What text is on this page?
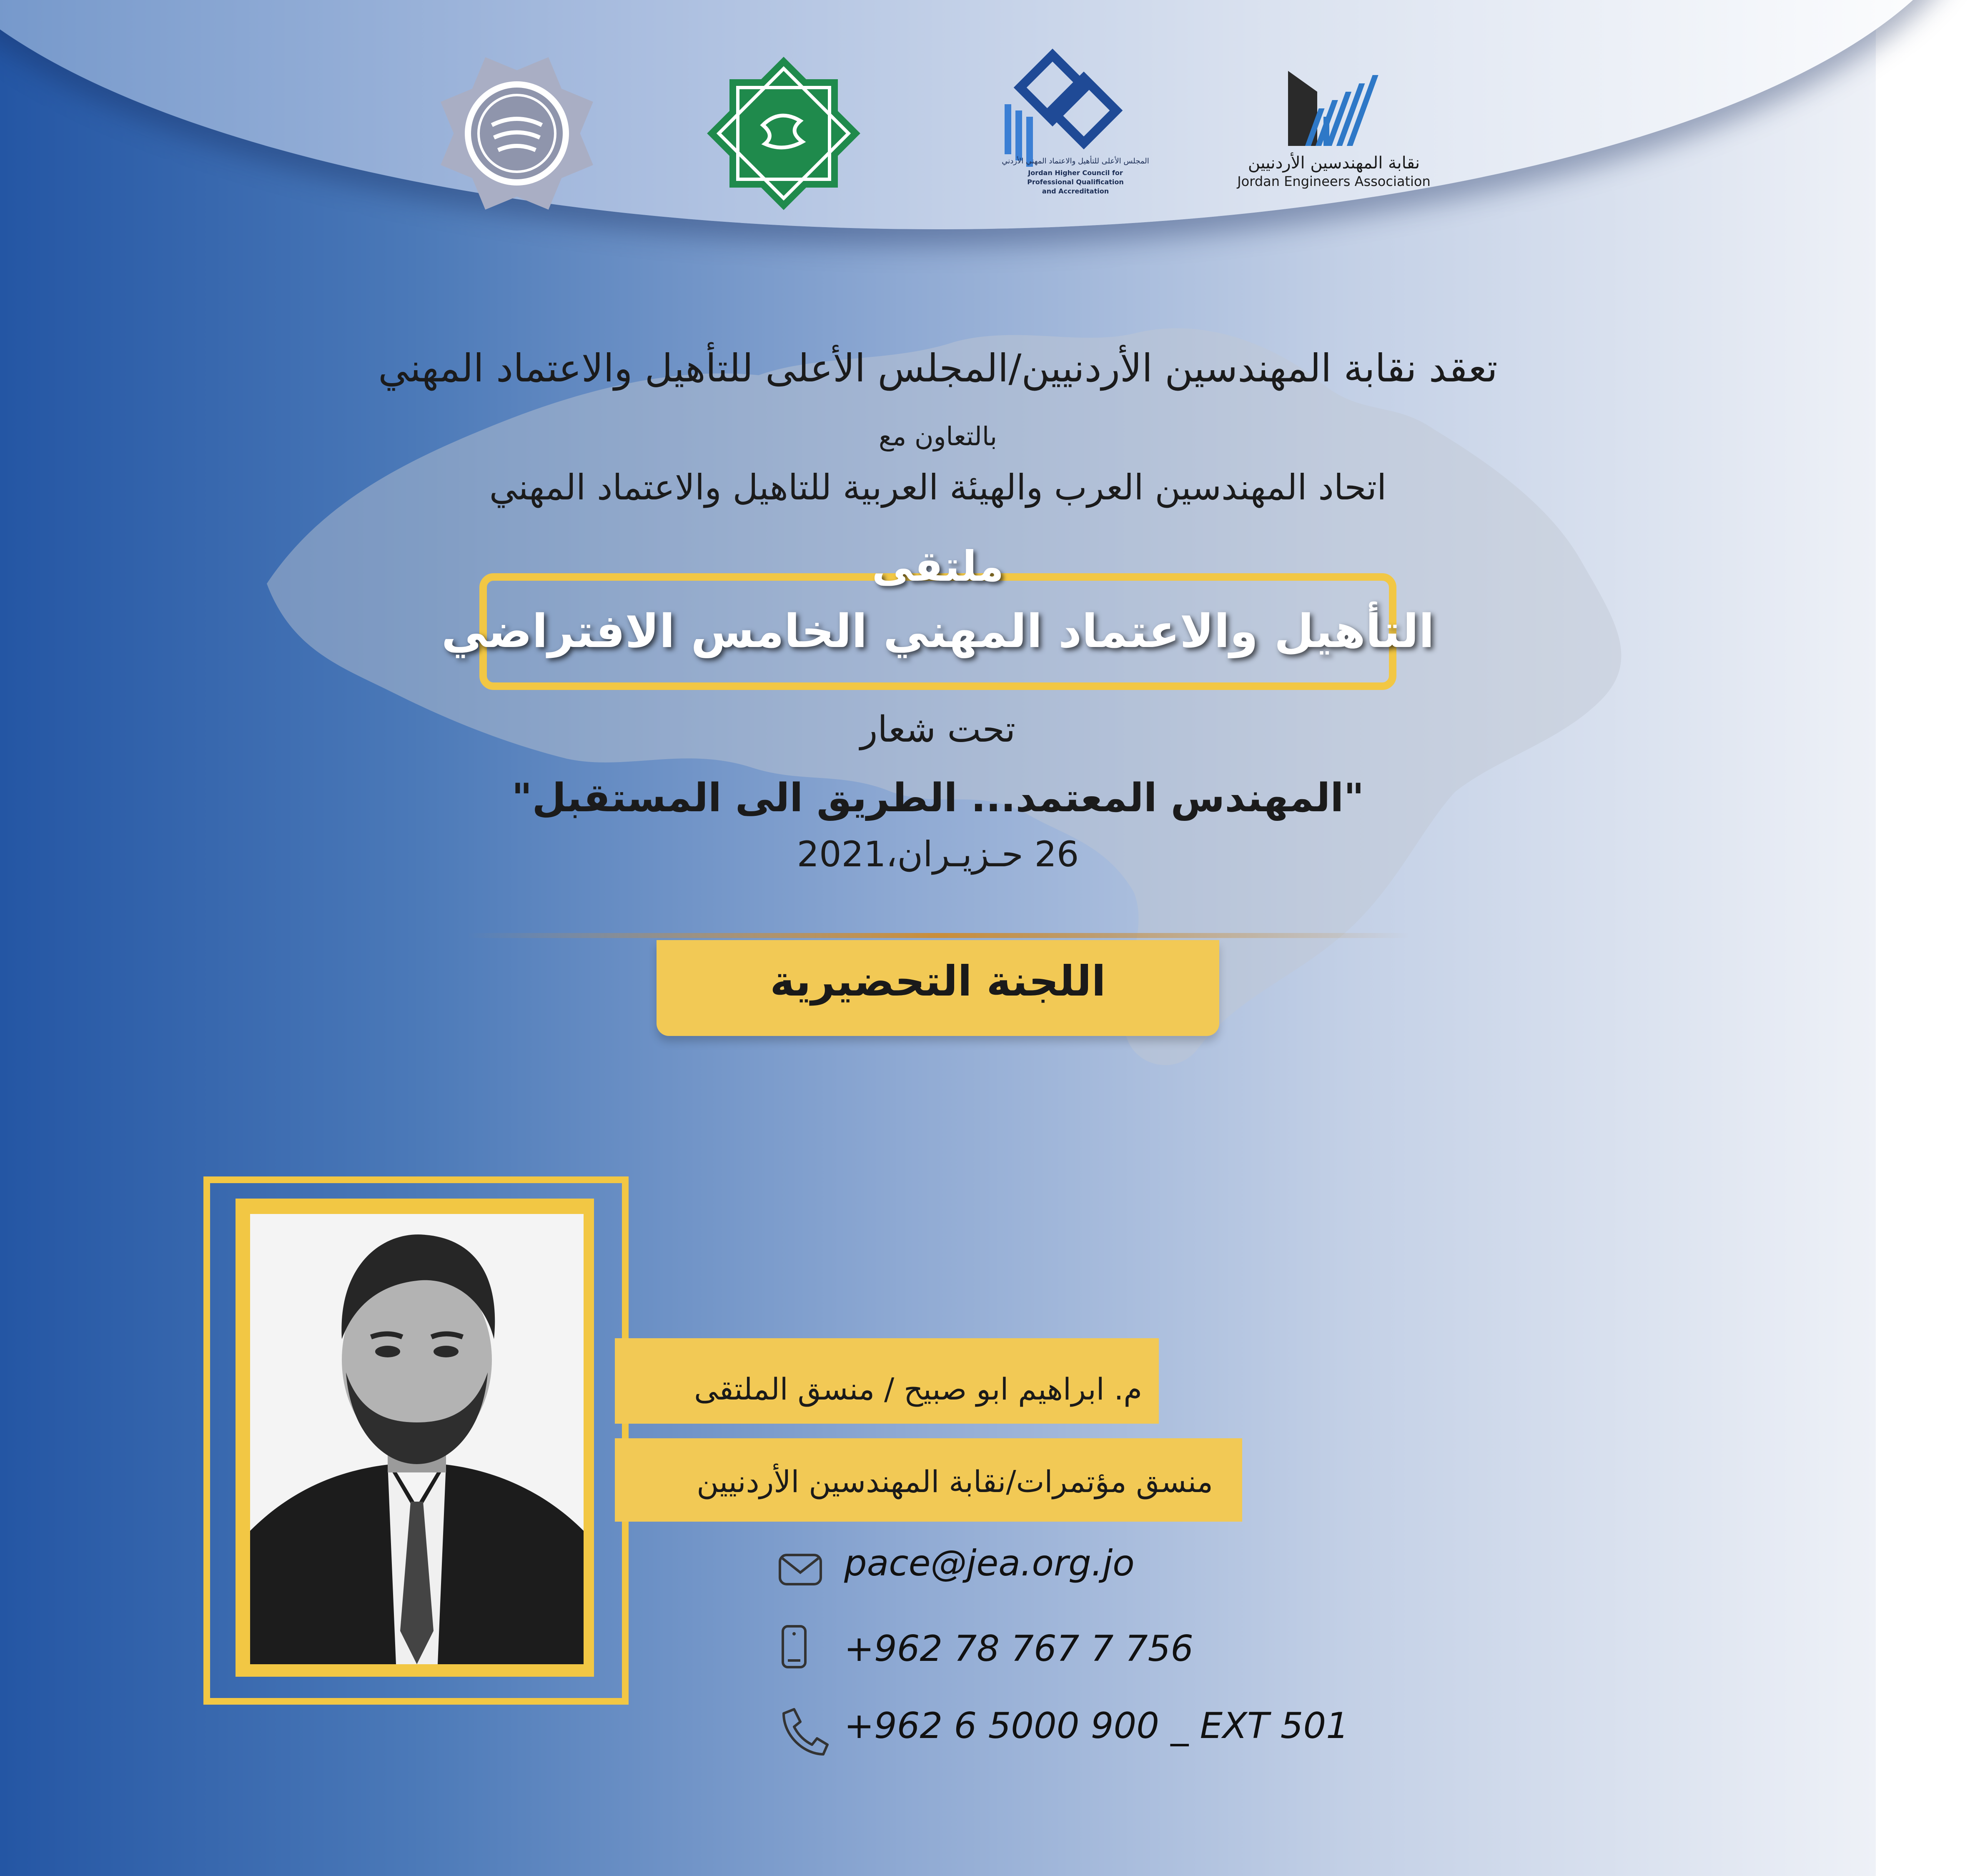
المجلس الأعلى للتأهيل والاعتماد المهني الأردني
Jordan Higher Council for
Professional Qualification
and Accreditation
نقابة المهندسين الأردنيين
Jordan Engineers Association
تعقد نقابة المهندسين الأردنيين/المجلس الأعلى للتأهيل والاعتماد المهني
بالتعاون مع
اتحاد المهندسين العرب والهيئة العربية للتاهيل والاعتماد المهني
ملتقى
التأهيل والاعتماد المهني الخامس الافتراضي
تحت شعار
"المهندس المعتمد... الطريق الى المستقبل"
26 حـزيـران،2021
اللجنة التحضيرية
م. ابراهيم ابو صبيح / منسق الملتقى
منسق مؤتمرات/نقابة المهندسين الأردنيين
pace@jea.org.jo
+962 78 767 7 756
+962 6 5000 900 _ EXT 501
